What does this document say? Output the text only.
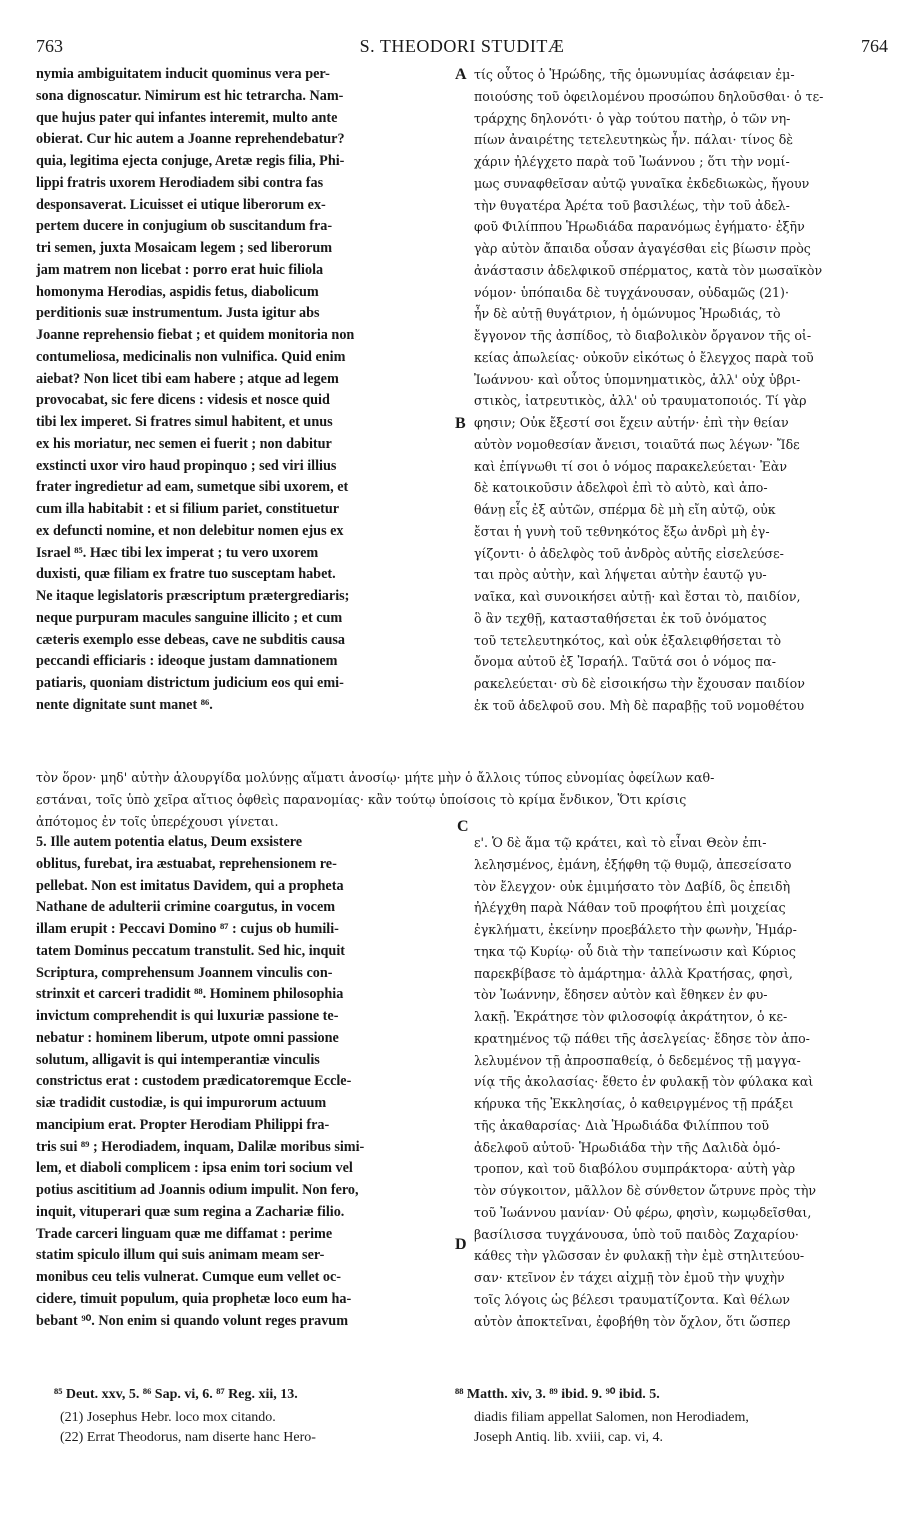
763	S. THEODORI STUDITÆ	764
A
B
C
D

nymia ambiguitatem inducit quominus vera per-

sona dignoscatur. Nimirum est hic tetrarcha. Nam-

que hujus pater qui infantes interemit, multo ante

obierat. Cur hic autem a Joanne reprehendebatur?

quia, legitima ejecta conjuge, Aretæ regis filia, Phi-

lippi fratris uxorem Herodiadem sibi contra fas

desponsaverat. Licuisset ei utique liberorum ex-

pertem ducere in conjugium ob suscitandum fra-

tri semen, juxta Mosaicam legem ; sed liberorum

jam matrem non licebat : porro erat huic filiola

homonyma Herodias, aspidis fetus, diabolicum

perditionis suæ instrumentum. Justa igitur abs

Joanne reprehensio fiebat ; et quidem monitoria non

contumeliosa, medicinalis non vulnifica. Quid enim

aiebat? Non licet tibi eam habere ; atque ad legem

provocabat, sic fere dicens : videsis et nosce quid

tibi lex imperet. Si fratres simul habitent, et unus

ex his moriatur, nec semen ei fuerit ; non dabitur

exstincti uxor viro haud propinquo ; sed viri illius

frater ingredietur ad eam, sumetque sibi uxorem, et

cum illa habitabit : et si filium pariet, constituetur

ex defuncti nomine, et non delebitur nomen ejus ex

Israel ⁸⁵. Hæc tibi lex imperat ; tu vero uxorem

duxisti, quæ filiam ex fratre tuo susceptam habet.

Ne itaque legislatoris præscriptum prætergrediaris;

neque purpuram macules sanguine illicito ; et cum

cæteris exemplo esse debeas, cave ne subditis causa

peccandi efficiaris : ideoque justam damnationem

patiaris, quoniam districtum judicium eos qui emi-

nente dignitate sunt manet ⁸⁶.

τίς οὗτος ὁ Ἡρώδης, τῆς ὁμωνυμίας ἀσάφειαν ἐμ-

ποιούσης τοῦ ὀφειλομένου προσώπου δηλοῦσθαι· ὁ τε-

τράρχης δηλονότι· ὁ γὰρ τούτου πατὴρ, ὁ τῶν νη-

πίων ἀναιρέτης τετελευτηκὼς ἦν. πάλαι· τίνος δὲ

χάριν ἠλέγχετο παρὰ τοῦ Ἰωάννου ; ὅτι τὴν νομί-

μως συναφθεῖσαν αὐτῷ γυναῖκα ἐκδεδιωκὼς, ἤγουν

τὴν θυγατέρα Ἀρέτα τοῦ βασιλέως, τὴν τοῦ ἀδελ-

φοῦ Φιλίππου Ἡρωδιάδα παρανόμως ἐγήματο· ἐξῆν

γὰρ αὐτὸν ἄπαιδα οὖσαν ἀγαγέσθαι εἰς βίωσιν πρὸς

ἀνάστασιν ἀδελφικοῦ σπέρματος, κατὰ τὸν μωσαϊκὸν

νόμον· ὑπόπαιδα δὲ τυγχάνουσαν, οὐδαμῶς (21)·

ἦν δὲ αὐτῇ θυγάτριον, ἡ ὁμώνυμος Ἡρωδιάς, τὸ

ἔγγονον τῆς ἀσπίδος, τὸ διαβολικὸν ὄργανον τῆς οἰ-

κείας ἀπωλείας· οὐκοῦν εἰκότως ὁ ἔλεγχος παρὰ τοῦ

Ἰωάννου· καὶ οὗτος ὑπομνηματικὸς, ἀλλ' οὐχ ὑβρι-

στικὸς, ἰατρευτικὸς, ἀλλ' οὐ τραυματοποιός. Τί γὰρ

φησιν; Οὐκ ἔξεστί σοι ἔχειν αὐτήν· ἐπὶ τὴν θείαν

αὐτὸν νομοθεσίαν ἄνεισι, τοιαῦτά πως λέγων· Ἴδε

καὶ ἐπίγνωθι τί σοι ὁ νόμος παρακελεύεται· Ἐὰν

δὲ κατοικοῦσιν ἀδελφοὶ ἐπὶ τὸ αὐτὸ, καὶ ἀπο-

θάνῃ εἷς ἐξ αὐτῶν, σπέρμα δὲ μὴ εἴη αὐτῷ, οὐκ

ἔσται ἡ γυνὴ τοῦ τεθνηκότος ἔξω ἀνδρὶ μὴ ἐγ-

γίζοντι· ὁ ἀδελφὸς τοῦ ἀνδρὸς αὐτῆς εἰσελεύσε-

ται πρὸς αὐτὴν, καὶ λήψεται αὐτὴν ἑαυτῷ γυ-

ναῖκα, καὶ συνοικήσει αὐτῇ· καὶ ἔσται τὸ, παιδίον,

ὃ ἂν τεχθῇ, κατασταθήσεται ἐκ τοῦ ὀνόματος

τοῦ τετελευτηκότος, καὶ οὐκ ἐξαλειφθήσεται τὸ

ὄνομα αὐτοῦ ἐξ Ἰσραήλ. Ταῦτά σοι ὁ νόμος πα-

ρακελεύεται· σὺ δὲ εἰσοικήσω τὴν ἔχουσαν παιδίον

ἐκ τοῦ ἀδελφοῦ σου. Μὴ δὲ παραβῇς τοῦ νομοθέτου

τὸν ὅρον· μηδ' αὐτὴν ἁλουργίδα μολύνῃς αἵματι ἀνοσίῳ· μήτε μὴν ὁ ἄλλοις τύπος εὐνομίας ὀφείλων καθ-

εστάναι, τοῖς ὑπὸ χεῖρα αἴτιος ὀφθεὶς παρανομίας· κἂν τούτῳ ὑποίσοις τὸ κρίμα ἔνδικον, Ὅτι κρίσις

ἀπότομος ἐν τοῖς ὑπερέχουσι γίνεται.

5. Ille autem potentia elatus, Deum exsistere

oblitus, furebat, ira æstuabat, reprehensionem re-

pellebat. Non est imitatus Davidem, qui a propheta

Nathane de adulterii crimine coargutus, in vocem

illam erupit : Peccavi Domino ⁸⁷ : cujus ob humili-

tatem Dominus peccatum transtulit. Sed hic, inquit

Scriptura, comprehensum Joannem vinculis con-

strinxit et carceri tradidit ⁸⁸. Hominem philosophia

invictum comprehendit is qui luxuriæ passione te-

nebatur : hominem liberum, utpote omni passione

solutum, alligavit is qui intemperantiæ vinculis

constrictus erat : custodem prædicatoremque Eccle-

siæ tradidit custodiæ, is qui impurorum actuum

mancipium erat. Propter Herodiam Philippi fra-

tris sui ⁸⁹ ; Herodiadem, inquam, Dalilæ moribus simi-

lem, et diaboli complicem : ipsa enim tori socium vel

potius ascititium ad Joannis odium impulit. Non fero,

inquit, vituperari quæ sum regina a Zachariæ filio.

Trade carceri linguam quæ me diffamat : perime

statim spiculo illum qui suis animam meam ser-

monibus ceu telis vulnerat. Cumque eum vellet oc-

cidere, timuit populum, quia prophetæ loco eum ha-

bebant ⁹⁰. Non enim si quando volunt reges pravum

ε'. Ὁ δὲ ἅμα τῷ κράτει, καὶ τὸ εἶναι Θεὸν ἐπι-

λελησμένος, ἐμάνη, ἐξήφθη τῷ θυμῷ, ἀπεσείσατο

τὸν ἔλεγχον· οὐκ ἐμιμήσατο τὸν Δαβίδ, ὃς ἐπειδὴ

ἠλέγχθη παρὰ Νάθαν τοῦ προφήτου ἐπὶ μοιχείας

ἐγκλήματι, ἐκείνην προεβάλετο τὴν φωνὴν, Ἡμάρ-

τηκα τῷ Κυρίῳ· οὗ διὰ τὴν ταπείνωσιν καὶ Κύριος

παρεκβίβασε τὸ ἁμάρτημα· ἀλλὰ Κρατήσας, φησὶ,

τὸν Ἰωάννην, ἔδησεν αὐτὸν καὶ ἔθηκεν ἐν φυ-

λακῇ. Ἐκράτησε τὸν φιλοσοφίᾳ ἀκράτητον, ὁ κε-

κρατημένος τῷ πάθει τῆς ἀσελγείας· ἔδησε τὸν ἀπο-

λελυμένον τῇ ἀπροσπαθείᾳ, ὁ δεδεμένος τῇ μαγγα-

νίᾳ τῆς ἀκολασίας· ἔθετο ἐν φυλακῇ τὸν φύλακα καὶ

κήρυκα τῆς Ἐκκλησίας, ὁ καθειργμένος τῇ πράξει

τῆς ἀκαθαρσίας· Διὰ Ἡρωδιάδα Φιλίππου τοῦ

ἀδελφοῦ αὐτοῦ· Ἡρωδιάδα τὴν τῆς Δαλιδὰ ὁμό-

τροπον, καὶ τοῦ διαβόλου συμπράκτορα· αὐτὴ γὰρ

τὸν σύγκοιτον, μᾶλλον δὲ σύνθετον ὤτρυνε πρὸς τὴν

τοῦ Ἰωάννου μανίαν· Οὐ φέρω, φησὶν, κωμῳδεῖσθαι,

βασίλισσα τυγχάνουσα, ὑπὸ τοῦ παιδὸς Ζαχαρίου·

κάθες τὴν γλῶσσαν ἐν φυλακῇ τὴν ἐμὲ στηλιτεύου-

σαν· κτεῖνον ἐν τάχει αἰχμῇ τὸν ἐμοῦ τὴν ψυχὴν

τοῖς λόγοις ὡς βέλεσι τραυματίζοντα. Καὶ θέλων

αὐτὸν ἀποκτεῖναι, ἐφοβήθη τὸν ὄχλον, ὅτι ὥσπερ

⁸⁵ Deut. xxv, 5. ⁸⁶ Sap. vi, 6. ⁸⁷ Reg. xii, 13.	⁸⁸ Matth. xiv, 3. ⁸⁹ ibid. 9. ⁹⁰ ibid. 5.

(21) Josephus Hebr. loco mox citando.

(22) Errat Theodorus, nam diserte hanc Hero-

diadis filiam appellat Salomen, non Herodiadem,

Joseph Antiq. lib. xviii, cap. vi, 4.
